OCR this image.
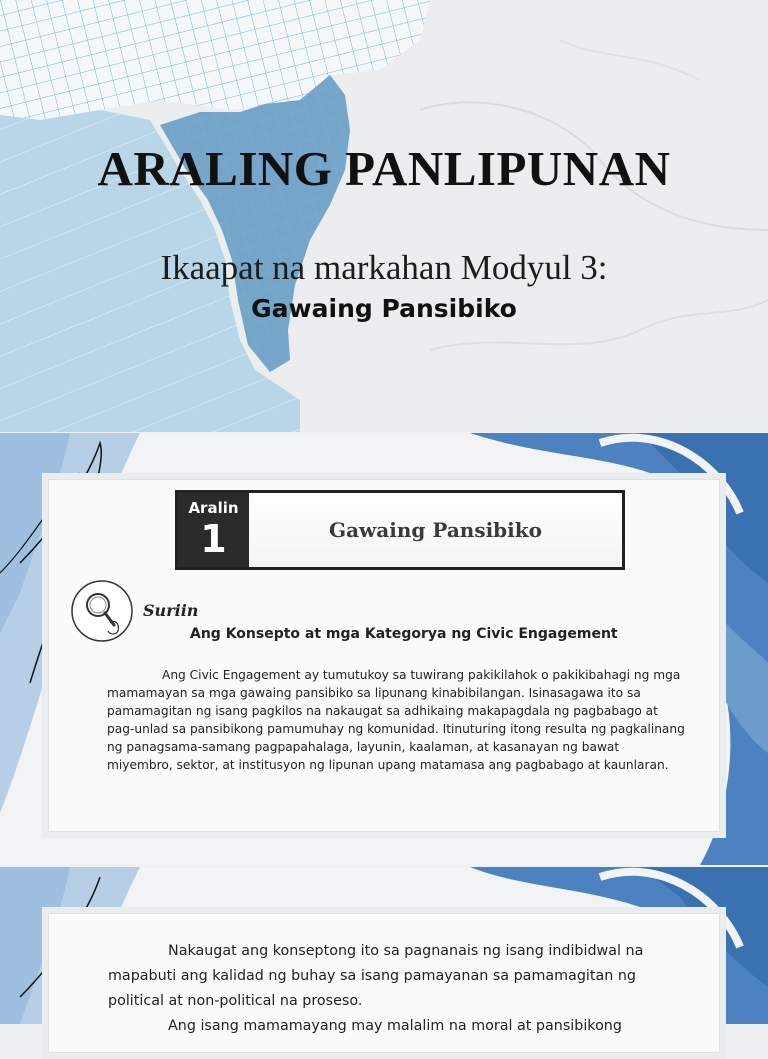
ARALING PANLIPUNAN

Ikaapat na markahan Modyul 3:

Gawaing Pansibiko

Aralin
1	Gawaing Pansibiko
Suriin
Ang Konsepto at mga Kategorya ng Civic Engagement

Ang Civic Engagement ay tumutukoy sa tuwirang pakikilahok o pakikibahagi ng mga mamamayan sa mga gawaing pansibiko sa lipunang kinabibilangan. Isinasagawa ito sa pamamagitan ng isang pagkilos na nakaugat sa adhikaing makapagdala ng pagbabago at pag-unlad sa pansibikong pamumuhay ng komunidad. Itinuturing itong resulta ng pagkalinang ng panagsama-samang pagpapahalaga, layunin, kaalaman, at kasanayan ng bawat miyembro, sektor, at institusyon ng lipunan upang matamasa ang pagbabago at kaunlaran.

Nakaugat ang konseptong ito sa pagnanais ng isang indibidwal na mapabuti ang kalidad ng buhay sa isang pamayanan sa pamamagitan ng political at non-political na proseso.

Ang isang mamamayang may malalim na moral at pansibikong
